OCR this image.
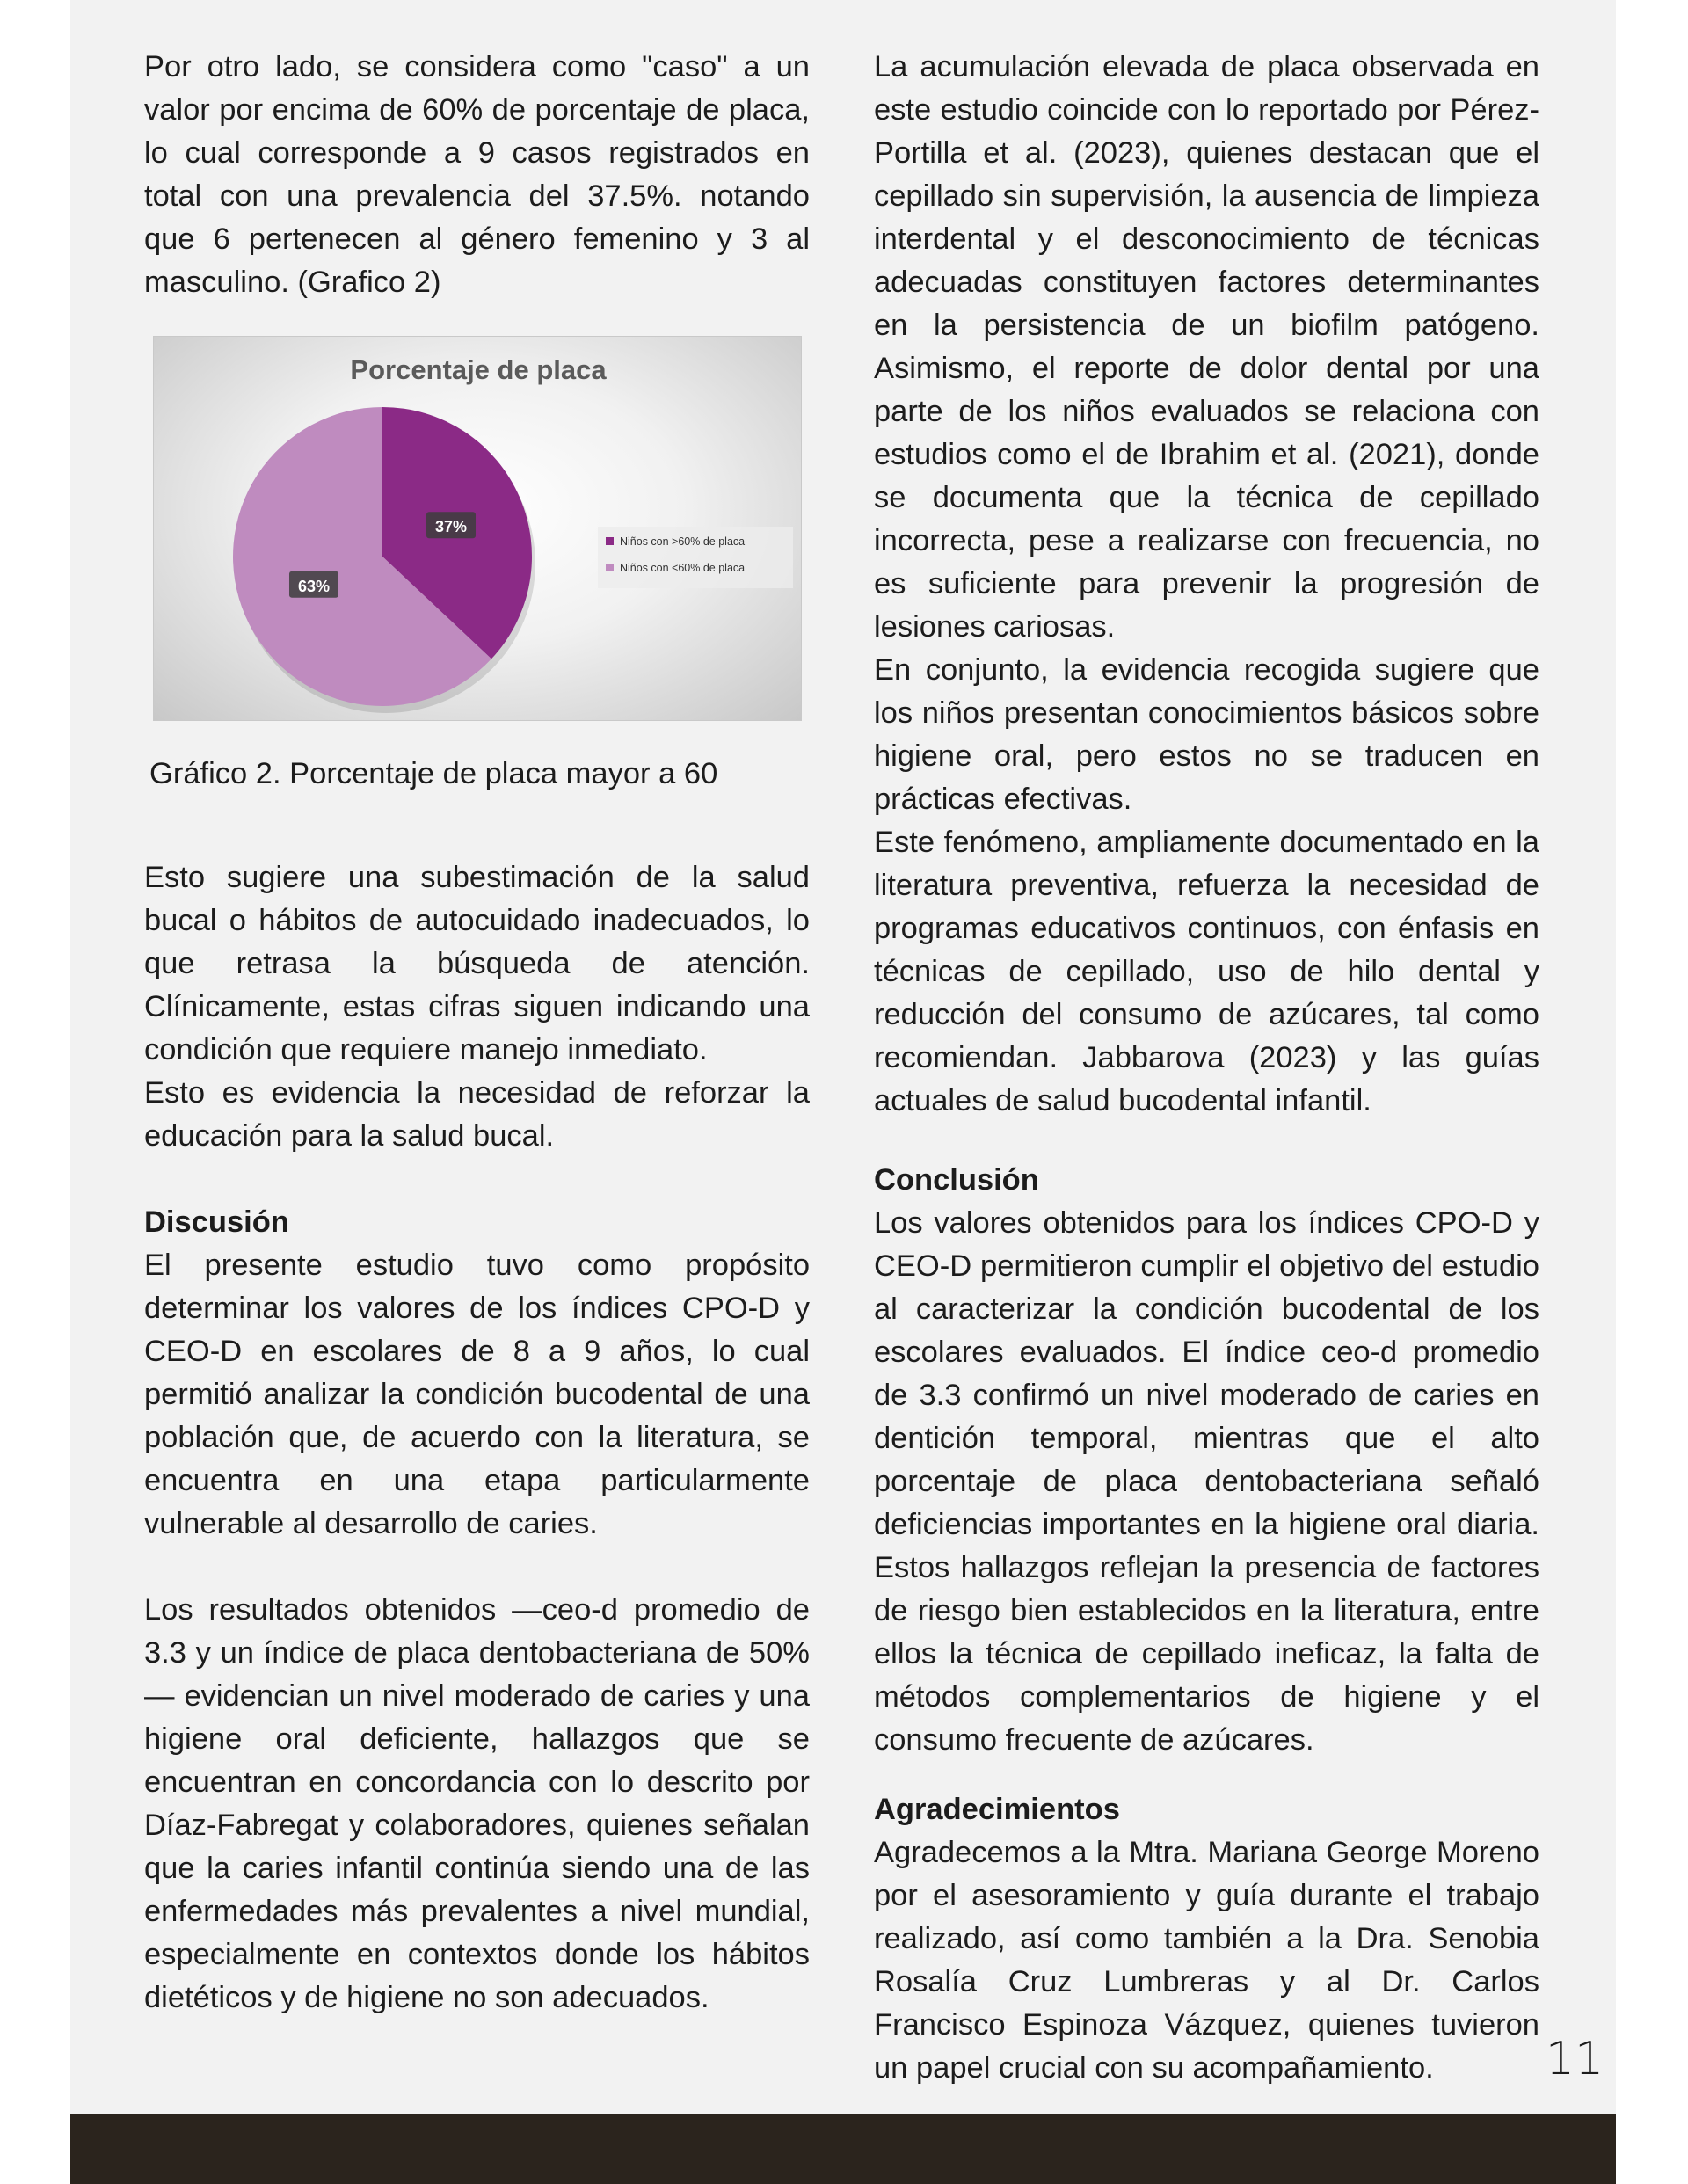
Por otro lado, se considera como "caso" a un valor por encima de 60% de porcentaje de placa, lo cual corresponde a 9 casos registrados en total con una prevalencia del 37.5%. notando que 6 pertenecen al género femenino y 3 al masculino. (Grafico 2)

Porcentaje de placa
37%
63%
Niños con >60% de placa
Niños con <60% de placa
Gráfico 2. Porcentaje de placa mayor a 60

Esto sugiere una subestimación de la salud bucal o hábitos de autocuidado inadecuados, lo que retrasa la búsqueda de atención. Clínicamente, estas cifras siguen indicando una condición que requiere manejo inmediato.

Esto es evidencia la necesidad de reforzar la educación para la salud bucal.

Discusión

El presente estudio tuvo como propósito determinar los valores de los índices CPO-D y CEO-D en escolares de 8 a 9 años, lo cual permitió analizar la condición bucodental de una población que, de acuerdo con la literatura, se encuentra en una etapa particularmente vulnerable al desarrollo de caries.

Los resultados obtenidos —ceo-d promedio de 3.3 y un índice de placa dentobacteriana de 50%— evidencian un nivel moderado de caries y una higiene oral deficiente, hallazgos que se encuentran en concordancia con lo descrito por Díaz-Fabregat y colaboradores, quienes señalan que la caries infantil continúa siendo una de las enfermedades más prevalentes a nivel mundial, especialmente en contextos donde los hábitos dietéticos y de higiene no son adecuados.

La acumulación elevada de placa observada en este estudio coincide con lo reportado por Pérez-Portilla et al. (2023), quienes destacan que el cepillado sin supervisión, la ausencia de limpieza interdental y el desconocimiento de técnicas adecuadas constituyen factores determinantes en la persistencia de un biofilm patógeno. Asimismo, el reporte de dolor dental por una parte de los niños evaluados se relaciona con estudios como el de Ibrahim et al. (2021), donde se documenta que la técnica de cepillado incorrecta, pese a realizarse con frecuencia, no es suficiente para prevenir la progresión de lesiones cariosas.

En conjunto, la evidencia recogida sugiere que los niños presentan conocimientos básicos sobre higiene oral, pero estos no se traducen en prácticas efectivas.

Este fenómeno, ampliamente documentado en la literatura preventiva, refuerza la necesidad de programas educativos continuos, con énfasis en técnicas de cepillado, uso de hilo dental y reducción del consumo de azúcares, tal como recomiendan. Jabbarova (2023) y las guías actuales de salud bucodental infantil.

Conclusión

Los valores obtenidos para los índices CPO-D y CEO-D permitieron cumplir el objetivo del estudio al caracterizar la condición bucodental de los escolares evaluados. El índice ceo-d promedio de 3.3 confirmó un nivel moderado de caries en dentición temporal, mientras que el alto porcentaje de placa dentobacteriana señaló deficiencias importantes en la higiene oral diaria. Estos hallazgos reflejan la presencia de factores de riesgo bien establecidos en la literatura, entre ellos la técnica de cepillado ineficaz, la falta de métodos complementarios de higiene y el consumo frecuente de azúcares.

Agradecimientos

Agradecemos a la Mtra. Mariana George Moreno por el asesoramiento y guía durante el trabajo realizado, así como también a la Dra. Senobia Rosalía Cruz Lumbreras y al Dr. Carlos Francisco Espinoza Vázquez, quienes tuvieron un papel crucial con su acompañamiento.	11
